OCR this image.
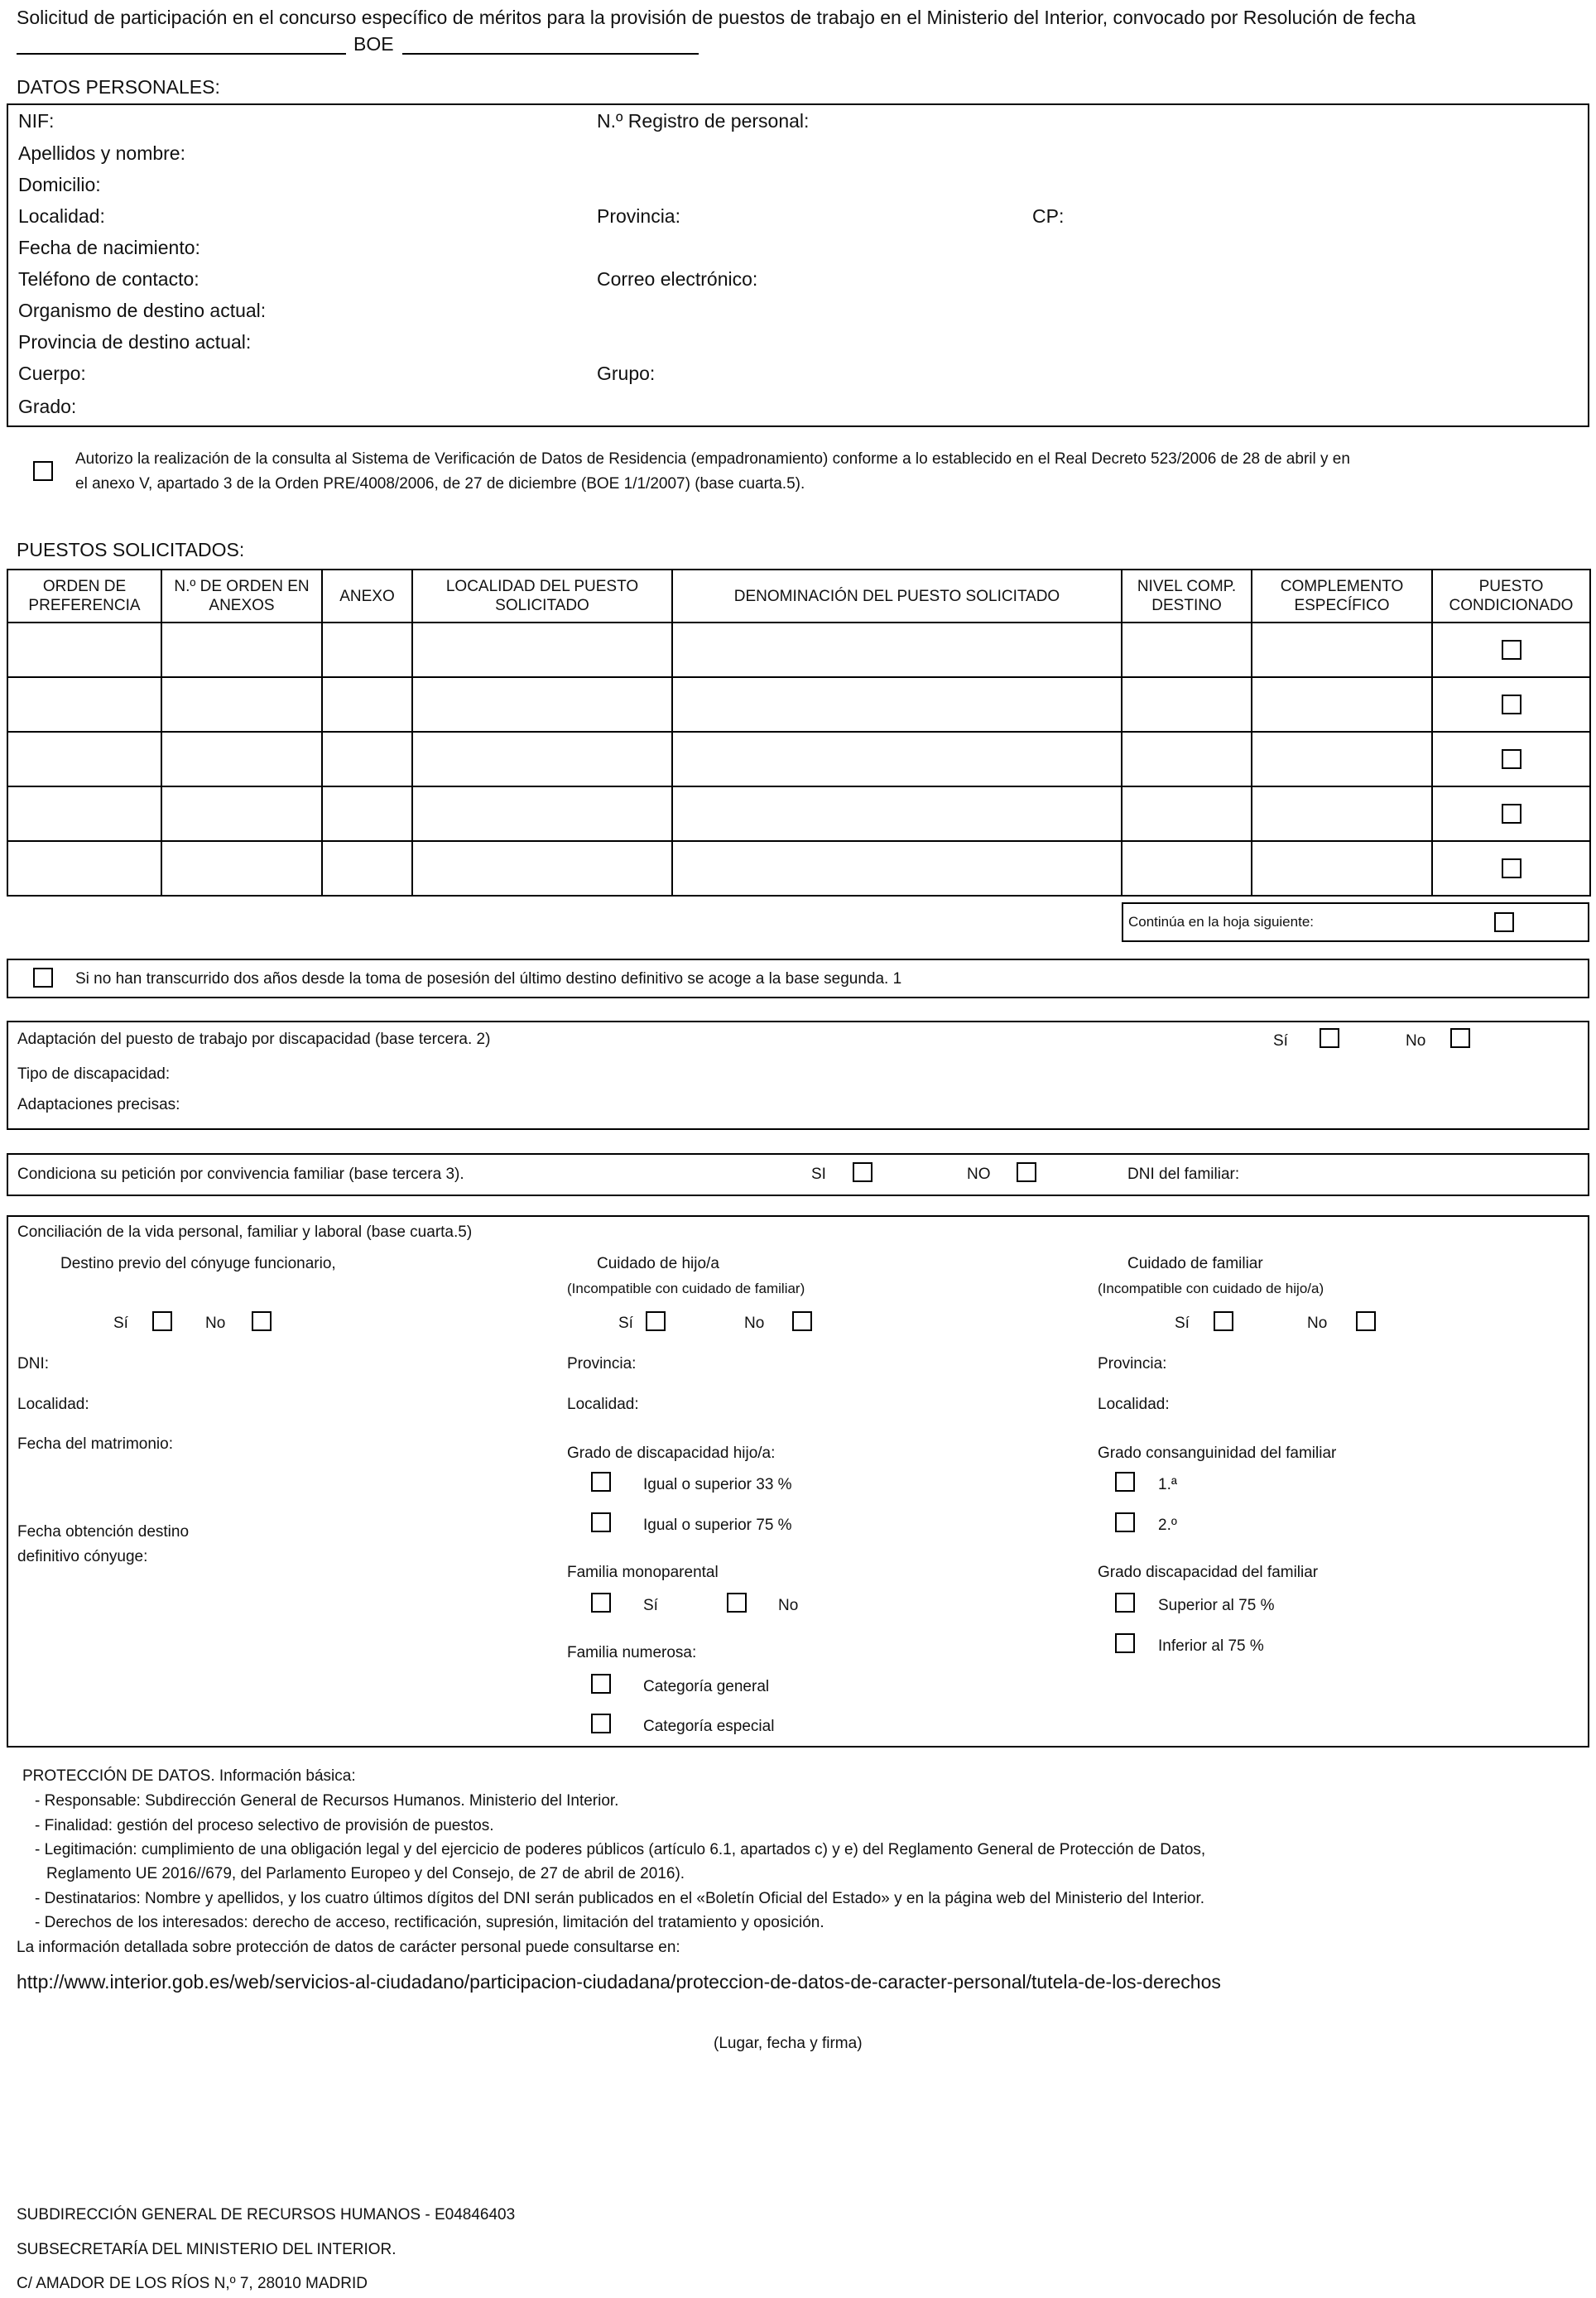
Solicitud de participación en el concurso específico de méritos para la provisión de puestos de trabajo en el Ministerio del Interior, convocado por Resolución de fecha
BOE
DATOS PERSONALES:
NIF:	N.º Registro de personal:
Apellidos y nombre:
Domicilio:
Localidad:	Provincia:	CP:
Fecha de nacimiento:
Teléfono de contacto:	Correo electrónico:
Organismo de destino actual:
Provincia de destino actual:
Cuerpo:	Grupo:
Grado:
Autorizo la realización de la consulta al Sistema de Verificación de Datos de Residencia (empadronamiento) conforme a lo establecido en el Real Decreto 523/2006 de 28 de abril y en
el anexo V, apartado 3 de la Orden PRE/4008/2006, de 27 de diciembre (BOE 1/1/2007) (base cuarta.5).
PUESTOS SOLICITADOS:
ORDEN DE PREFERENCIA	N.º DE ORDEN EN ANEXOS	ANEXO	LOCALIDAD DEL PUESTO SOLICITADO	DENOMINACIÓN DEL PUESTO SOLICITADO	NIVEL COMP. DESTINO	COMPLEMENTO ESPECÍFICO	PUESTO CONDICIONADO

Continúa en la hoja siguiente:
Si no han transcurrido dos años desde la toma de posesión del último destino definitivo se acoge a la base segunda. 1
Adaptación del puesto de trabajo por discapacidad (base tercera. 2)	Sí	No
Tipo de discapacidad:
Adaptaciones precisas:
Condiciona su petición por convivencia familiar (base tercera 3).	SI	NO	DNI del familiar:
Conciliación de la vida personal, familiar y laboral (base cuarta.5)
Destino previo del cónyuge funcionario,
Sí	No
DNI:
Localidad:
Fecha del matrimonio:
Fecha obtención destino
definitivo cónyuge:
Cuidado de hijo/a
(Incompatible con cuidado de familiar)
Sí	No
Provincia:
Localidad:
Grado de discapacidad hijo/a:
Igual o superior 33 %
Igual o superior 75 %
Familia monoparental
Sí	No
Familia numerosa:
Categoría general
Categoría especial
Cuidado de familiar
(Incompatible con cuidado de hijo/a)
Sí	No
Provincia:
Localidad:
Grado consanguinidad del familiar
1.ª
2.º
Grado discapacidad del familiar
Superior al 75 %
Inferior al 75 %
PROTECCIÓN DE DATOS. Información básica:
- Responsable: Subdirección General de Recursos Humanos. Ministerio del Interior.
- Finalidad: gestión del proceso selectivo de provisión de puestos.
- Legitimación: cumplimiento de una obligación legal y del ejercicio de poderes públicos (artículo 6.1, apartados c) y e) del Reglamento General de Protección de Datos,
Reglamento UE 2016//679, del Parlamento Europeo y del Consejo, de 27 de abril de 2016).
- Destinatarios: Nombre y apellidos, y los cuatro últimos dígitos del DNI serán publicados en el «Boletín Oficial del Estado» y en la página web del Ministerio del Interior.
- Derechos de los interesados: derecho de acceso, rectificación, supresión, limitación del tratamiento y oposición.
La información detallada sobre protección de datos de carácter personal puede consultarse en:
http://www.interior.gob.es/web/servicios-al-ciudadano/participacion-ciudadana/proteccion-de-datos-de-caracter-personal/tutela-de-los-derechos
(Lugar, fecha y firma)
SUBDIRECCIÓN GENERAL DE RECURSOS HUMANOS - E04846403
SUBSECRETARÍA DEL MINISTERIO DEL INTERIOR.
C/ AMADOR DE LOS RÍOS N,º 7, 28010 MADRID
